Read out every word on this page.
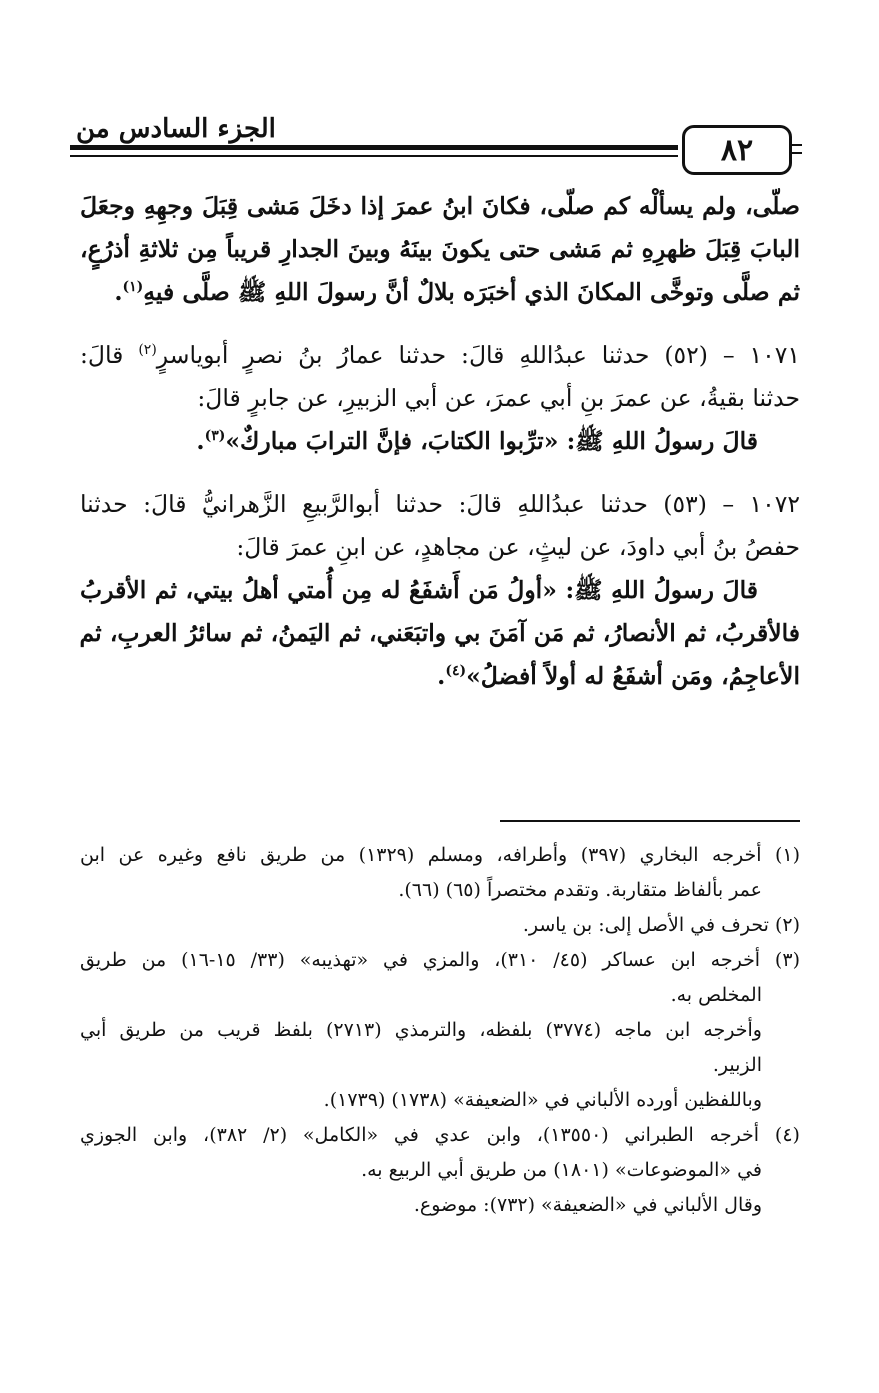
الجزء السادس من
٨٢
صلّى، ولم يسألْه كم صلّى، فكانَ ابنُ عمرَ إذا دخَلَ مَشى قِبَلَ وجهِهِ وجعَلَ
البابَ قِبَلَ ظهرِهِ ثم مَشى حتى يكونَ بينَهُ وبينَ الجدارِ قريباً مِن ثلاثةِ أذرُعٍ،
ثم صلَّى وتوخَّى المكانَ الذي أخبَرَه بلالٌ أنَّ رسولَ اللهِ ﷺ صلَّى فيهِ$^{(١)}$.
١٠٧١ – (٥٢) حدثنا عبدُاللهِ قالَ: حدثنا عمارُ بنُ نصرٍ أبوياسرٍ$^{(٢)}$ قالَ:
حدثنا بقيةُ، عن عمرَ بنِ أبي عمرَ، عن أبي الزبيرِ، عن جابرٍ قالَ:
قالَ رسولُ اللهِ ﷺ: «ترِّبوا الكتابَ، فإنَّ الترابَ مباركٌ»$^{(٣)}$.
١٠٧٢ – (٥٣) حدثنا عبدُاللهِ قالَ: حدثنا أبوالرَّبيعِ الزَّهرانيُّ قالَ: حدثنا
حفصُ بنُ أبي داودَ، عن ليثٍ، عن مجاهدٍ، عن ابنِ عمرَ قالَ:
قالَ رسولُ اللهِ ﷺ: «أولُ مَن أَشفَعُ له مِن أُمتي أهلُ بيتي، ثم الأقربُ
فالأقربُ، ثم الأنصارُ، ثم مَن آمَنَ بي واتبَعَني، ثم اليَمنُ، ثم سائرُ العربِ، ثم
الأعاجِمُ، ومَن أشفَعُ له أولاً أفضلُ»$^{(٤)}$.
(١) أخرجه البخاري (٣٩٧) وأطرافه، ومسلم (١٣٢٩) من طريق نافع وغيره عن ابن
عمر بألفاظ متقاربة. وتقدم مختصراً (٦٥) (٦٦).
(٢) تحرف في الأصل إلى: بن ياسر.
(٣) أخرجه ابن عساكر (٤٥/ ٣١٠)، والمزي في «تهذيبه» (٣٣/ ١٥-١٦) من طريق
المخلص به.
وأخرجه ابن ماجه (٣٧٧٤) بلفظه، والترمذي (٢٧١٣) بلفظ قريب من طريق أبي
الزبير.
وباللفظين أورده الألباني في «الضعيفة» (١٧٣٨) (١٧٣٩).
(٤) أخرجه الطبراني (١٣٥٥٠)، وابن عدي في «الكامل» (٢/ ٣٨٢)، وابن الجوزي
في «الموضوعات» (١٨٠١) من طريق أبي الربيع به.
وقال الألباني في «الضعيفة» (٧٣٢): موضوع.
